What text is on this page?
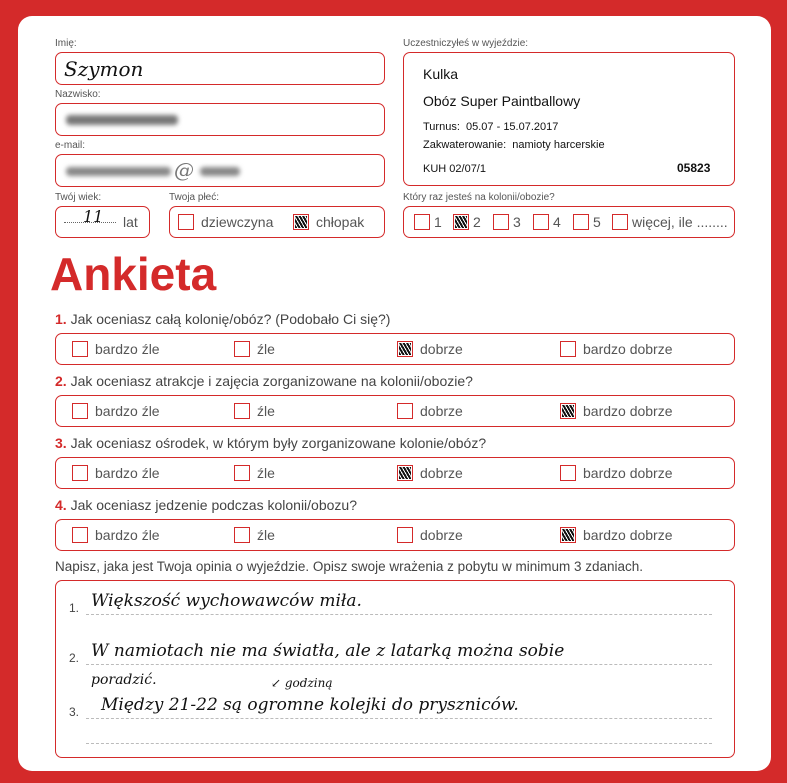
Imię:
Szymon
Nazwisko:
e-mail:
@
Twój wiek:
11 lat
Twoja płeć:
dziewczyna	chłopak
Uczestniczyłeś w wyjeździe:
Kulka
Obóz Super Paintballowy
Turnus: 05.07 - 15.07.2017
Zakwaterowanie: namioty harcerskie
KUH 02/07/1	05823
Który raz jesteś na kolonii/obozie?
1 2 3 4 5 więcej, ile ........
Ankieta
1. Jak oceniasz całą kolonię/obóz? (Podobało Ci się?)
bardzo źle	źle	dobrze	bardzo dobrze
2. Jak oceniasz atrakcje i zajęcia zorganizowane na kolonii/obozie?
bardzo źle	źle	dobrze	bardzo dobrze
3. Jak oceniasz ośrodek, w którym były zorganizowane kolonie/obóz?
bardzo źle	źle	dobrze	bardzo dobrze
4. Jak oceniasz jedzenie podczas kolonii/obozu?
bardzo źle	źle	dobrze	bardzo dobrze
Napisz, jaka jest Twoja opinia o wyjeździe. Opisz swoje wrażenia z pobytu w minimum 3 zdaniach.
1. Większość wychowawców miła.
2. W namiotach nie ma światła, ale z latarką można sobie
poradzić.	↙ godziną
3. Między 21-22 są ogromne kolejki do pryszniców.
